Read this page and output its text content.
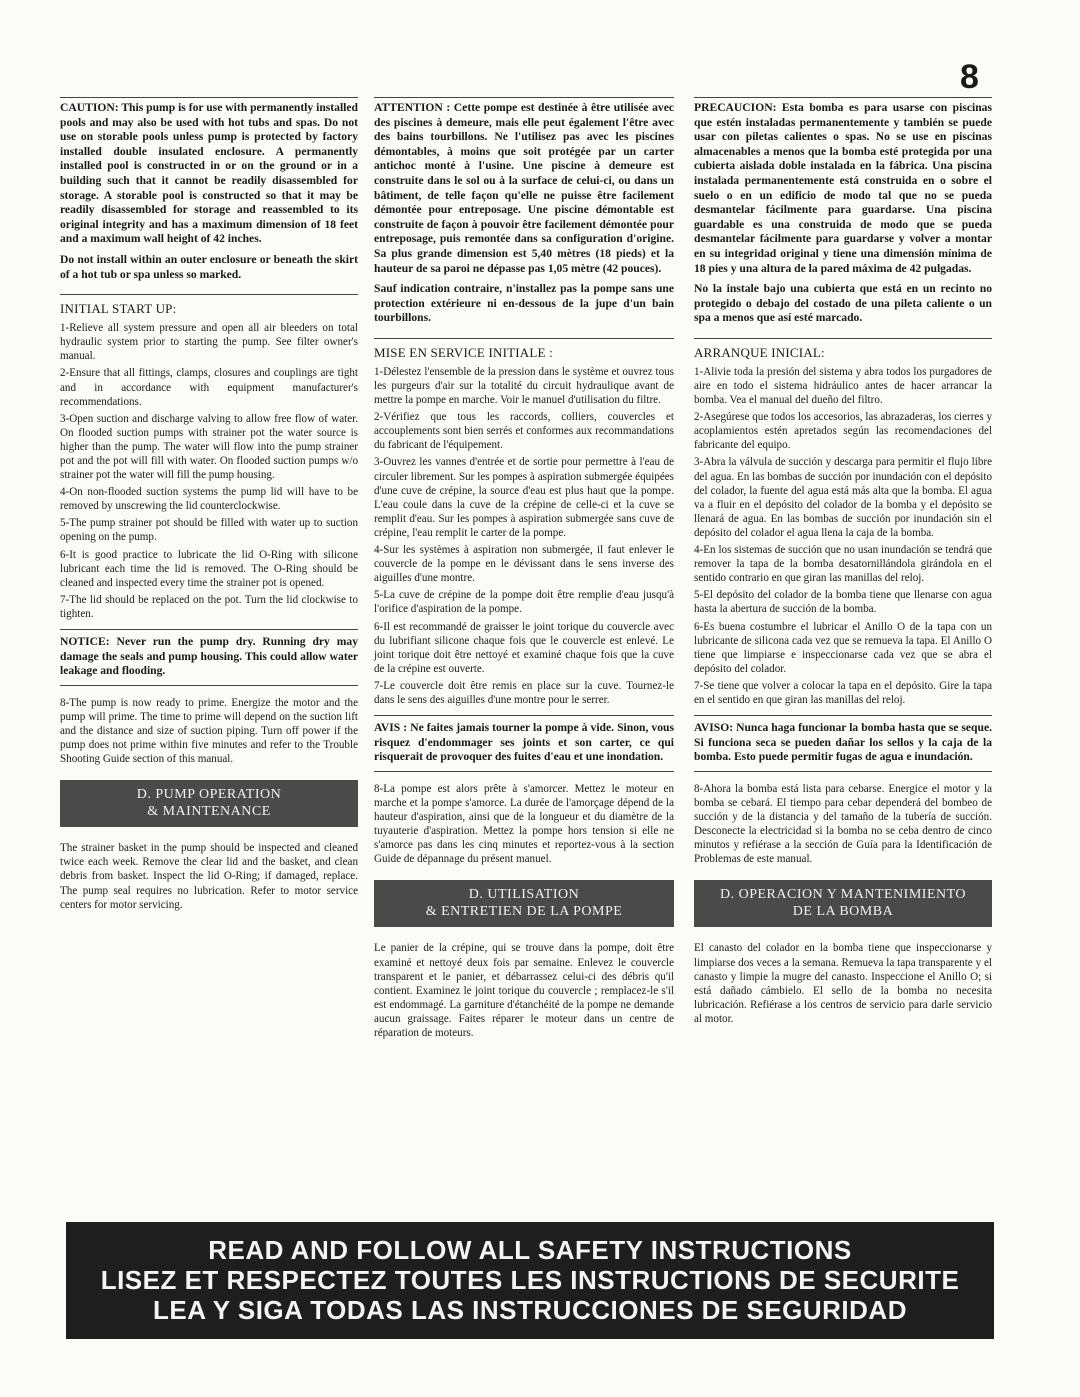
8

CAUTION: This pump is for use with permanently installed pools and may also be used with hot tubs and spas. Do not use on storable pools unless pump is protected by factory installed double insulated enclosure. A permanently installed pool is constructed in or on the ground or in a building such that it cannot be readily disassembled for storage. A storable pool is constructed so that it may be readily disassembled for storage and reassembled to its original integrity and has a maximum dimension of 18 feet and a maximum wall height of 42 inches.

Do not install within an outer enclosure or beneath the skirt of a hot tub or spa unless so marked.

INITIAL START UP:

1-Relieve all system pressure and open all air bleeders on total hydraulic system prior to starting the pump. See filter owner's manual.

2-Ensure that all fittings, clamps, closures and couplings are tight and in accordance with equipment manufacturer's recommendations.

3-Open suction and discharge valving to allow free flow of water. On flooded suction pumps with strainer pot the water source is higher than the pump. The water will flow into the pump strainer pot and the pot will fill with water. On flooded suction pumps w/o strainer pot the water will fill the pump housing.

4-On non-flooded suction systems the pump lid will have to be removed by unscrewing the lid counterclockwise.

5-The pump strainer pot should be filled with water up to suction opening on the pump.

6-It is good practice to lubricate the lid O-Ring with silicone lubricant each time the lid is removed. The O-Ring should be cleaned and inspected every time the strainer pot is opened.

7-The lid should be replaced on the pot. Turn the lid clockwise to tighten.

NOTICE: Never run the pump dry. Running dry may damage the seals and pump housing. This could allow water leakage and flooding.

8-The pump is now ready to prime. Energize the motor and the pump will prime. The time to prime will depend on the suction lift and the distance and size of suction piping. Turn off power if the pump does not prime within five minutes and refer to the Trouble Shooting Guide section of this manual.

D. PUMP OPERATION
& MAINTENANCE

The strainer basket in the pump should be inspected and cleaned twice each week. Remove the clear lid and the basket, and clean debris from basket. Inspect the lid O-Ring; if damaged, replace. The pump seal requires no lubrication. Refer to motor service centers for motor servicing.

ATTENTION : Cette pompe est destinée à être utilisée avec des piscines à demeure, mais elle peut également l'être avec des bains tourbillons. Ne l'utilisez pas avec les piscines démontables, à moins que soit protégée par un carter antichoc monté à l'usine. Une piscine à demeure est construite dans le sol ou à la surface de celui-ci, ou dans un bâtiment, de telle façon qu'elle ne puisse être facilement démontée pour entreposage. Une piscine démontable est construite de façon à pouvoir être facilement démontée pour entreposage, puis remontée dans sa configuration d'origine. Sa plus grande dimension est 5,40 mètres (18 pieds) et la hauteur de sa paroi ne dépasse pas 1,05 mètre (42 pouces).

Sauf indication contraire, n'installez pas la pompe sans une protection extérieure ni en-dessous de la jupe d'un bain tourbillons.

MISE EN SERVICE INITIALE :

1-Délestez l'ensemble de la pression dans le système et ouvrez tous les purgeurs d'air sur la totalité du circuit hydraulique avant de mettre la pompe en marche. Voir le manuel d'utilisation du filtre.

2-Vérifiez que tous les raccords, colliers, couvercles et accouplements sont bien serrés et conformes aux recommandations du fabricant de l'équipement.

3-Ouvrez les vannes d'entrée et de sortie pour permettre à l'eau de circuler librement. Sur les pompes à aspiration submergée équipées d'une cuve de crépine, la source d'eau est plus haut que la pompe. L'eau coule dans la cuve de la crépine de celle-ci et la cuve se remplit d'eau. Sur les pompes à aspiration submergée sans cuve de crépine, l'eau remplit le carter de la pompe.

4-Sur les systèmes à aspiration non submergée, il faut enlever le couvercle de la pompe en le dévissant dans le sens inverse des aiguilles d'une montre.

5-La cuve de crépine de la pompe doit être remplie d'eau jusqu'à l'orifice d'aspiration de la pompe.

6-Il est recommandé de graisser le joint torique du couvercle avec du lubrifiant silicone chaque fois que le couvercle est enlevé. Le joint torique doit être nettoyé et examiné chaque fois que la cuve de la crépine est ouverte.

7-Le couvercle doit être remis en place sur la cuve. Tournez-le dans le sens des aiguilles d'une montre pour le serrer.

AVIS : Ne faites jamais tourner la pompe à vide. Sinon, vous risquez d'endommager ses joints et son carter, ce qui risquerait de provoquer des fuites d'eau et une inondation.

8-La pompe est alors prête à s'amorcer. Mettez le moteur en marche et la pompe s'amorce. La durée de l'amorçage dépend de la hauteur d'aspiration, ainsi que de la longueur et du diamètre de la tuyauterie d'aspiration. Mettez la pompe hors tension si elle ne s'amorce pas dans les cinq minutes et reportez-vous à la section Guide de dépannage du présent manuel.

D. UTILISATION
& ENTRETIEN DE LA POMPE

Le panier de la crépine, qui se trouve dans la pompe, doit être examiné et nettoyé deux fois par semaine. Enlevez le couvercle transparent et le panier, et débarrassez celui-ci des débris qu'il contient. Examinez le joint torique du couvercle ; remplacez-le s'il est endommagé. La garniture d'étanchéité de la pompe ne demande aucun graissage. Faites réparer le moteur dans un centre de réparation de moteurs.

PRECAUCION: Esta bomba es para usarse con piscinas que estén instaladas permanentemente y también se puede usar con piletas calientes o spas. No se use en piscinas almacenables a menos que la bomba esté protegida por una cubierta aislada doble instalada en la fábrica. Una piscina instalada permanentemente está construida en o sobre el suelo o en un edificio de modo tal que no se pueda desmantelar fácilmente para guardarse. Una piscina guardable es una construida de modo que se pueda desmantelar fácilmente para guardarse y volver a montar en su integridad original y tiene una dimensión mínima de 18 pies y una altura de la pared máxima de 42 pulgadas.

No la instale bajo una cubierta que está en un recinto no protegido o debajo del costado de una pileta caliente o un spa a menos que así esté marcado.

ARRANQUE INICIAL:

1-Alivie toda la presión del sistema y abra todos los purgadores de aire en todo el sistema hidráulico antes de hacer arrancar la bomba. Vea el manual del dueño del filtro.

2-Asegúrese que todos los accesorios, las abrazaderas, los cierres y acoplamientos estén apretados según las recomendaciones del fabricante del equipo.

3-Abra la válvula de succión y descarga para permitir el flujo libre del agua. En las bombas de succión por inundación con el depósito del colador, la fuente del agua está más alta que la bomba. El agua va a fluir en el depósito del colador de la bomba y el depósito se llenará de agua. En las bombas de succión por inundación sin el depósito del colador el agua llena la caja de la bomba.

4-En los sistemas de succión que no usan inundación se tendrá que remover la tapa de la bomba desatornillándola girándola en el sentido contrario en que giran las manillas del reloj.

5-El depósito del colador de la bomba tiene que llenarse con agua hasta la abertura de succión de la bomba.

6-Es buena costumbre el lubricar el Anillo O de la tapa con un lubricante de silicona cada vez que se remueva la tapa. El Anillo O tiene que limpiarse e inspeccionarse cada vez que se abra el depósito del colador.

7-Se tiene que volver a colocar la tapa en el depósito. Gire la tapa en el sentido en que giran las manillas del reloj.

AVISO: Nunca haga funcionar la bomba hasta que se seque. Si funciona seca se pueden dañar los sellos y la caja de la bomba. Esto puede permitir fugas de agua e inundación.

8-Ahora la bomba está lista para cebarse. Energice el motor y la bomba se cebará. El tiempo para cebar dependerá del bombeo de succión y de la distancia y del tamaño de la tubería de succión. Desconecte la electricidad si la bomba no se ceba dentro de cinco minutos y refiérase a la sección de Guía para la Identificación de Problemas de este manual.

D. OPERACION Y MANTENIMIENTO
DE LA BOMBA

El canasto del colador en la bomba tiene que inspeccionarse y limpiarse dos veces a la semana. Remueva la tapa transparente y el canasto y limpie la mugre del canasto. Inspeccione el Anillo O; si está dañado cámbielo. El sello de la bomba no necesita lubricación. Refiérase a los centros de servicio para darle servicio al motor.

READ AND FOLLOW ALL SAFETY INSTRUCTIONS
LISEZ ET RESPECTEZ TOUTES LES INSTRUCTIONS DE SECURITE
LEA Y SIGA TODAS LAS INSTRUCCIONES DE SEGURIDAD
